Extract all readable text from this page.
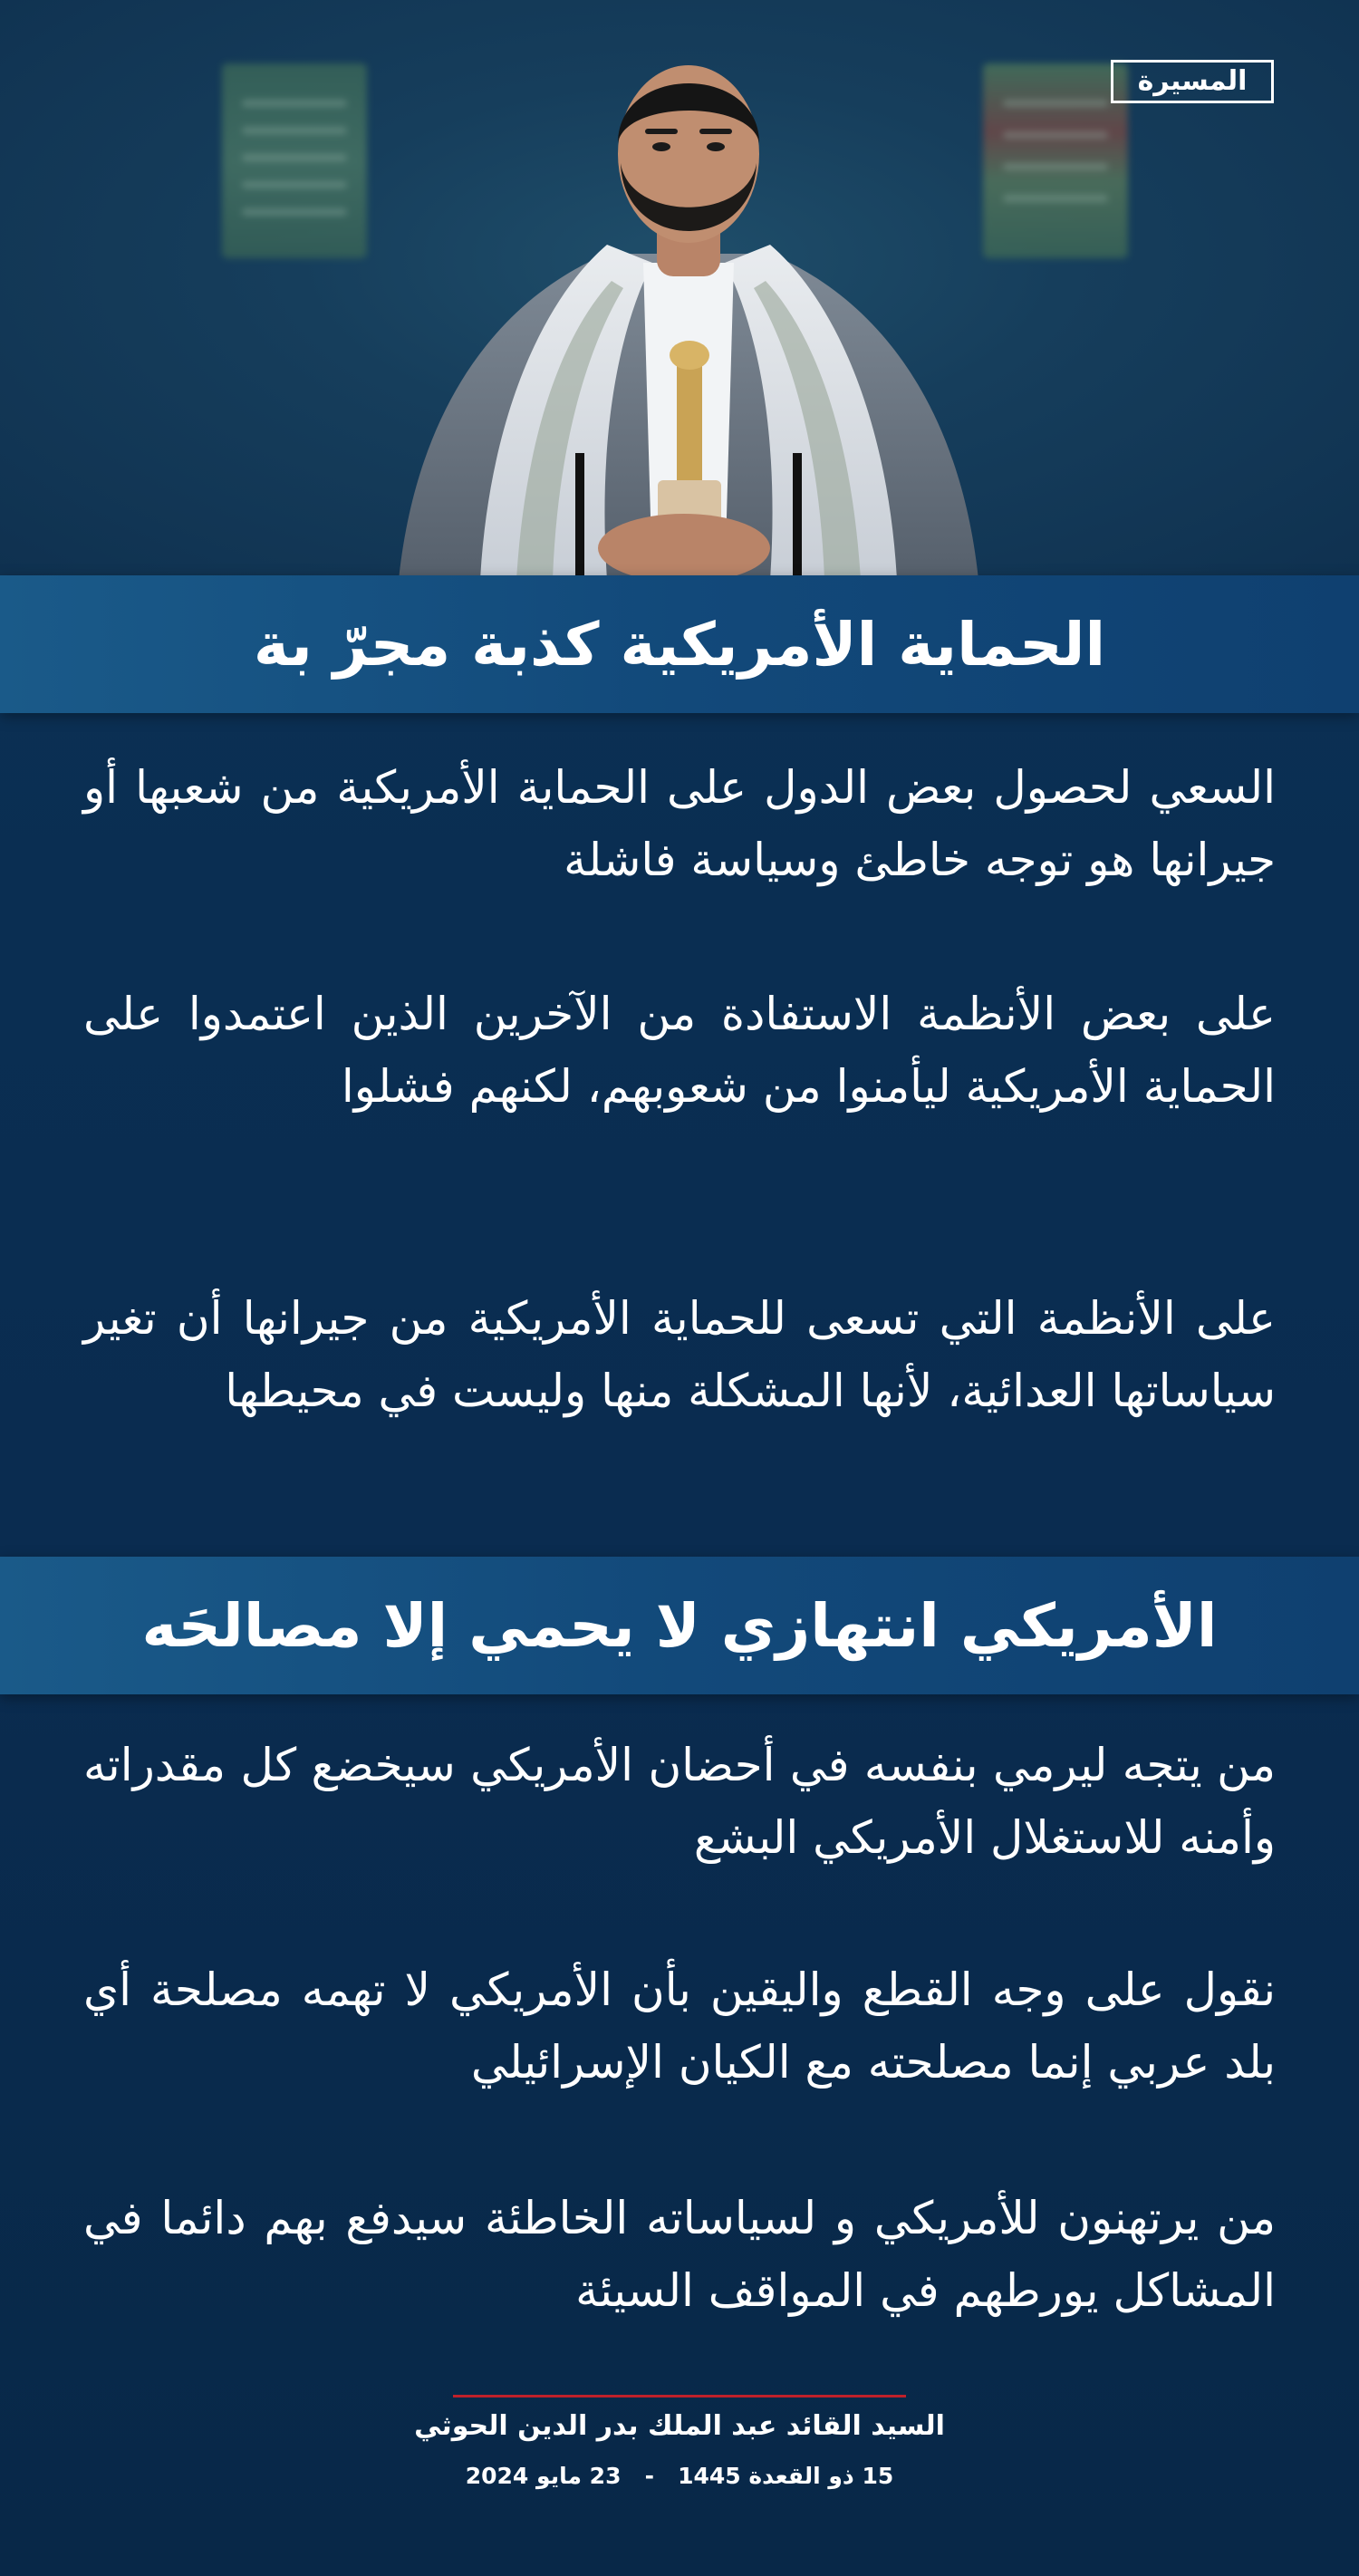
المسيرة
الحماية الأمريكية كذبة مجرّ بة

السعي لحصول بعض الدول على الحماية الأمريكية من شعبها أو جيرانها هو توجه خاطئ وسياسة فاشلة

على بعض الأنظمة الاستفادة من الآخرين الذين اعتمدوا على الحماية الأمريكية ليأمنوا من شعوبهم، لكنهم فشلوا

على الأنظمة التي تسعى للحماية الأمريكية من جيرانها أن تغير سياساتها العدائية، لأنها المشكلة منها وليست في محيطها

الأمريكي انتهازي لا يحمي إلا مصالحَه

من يتجه ليرمي بنفسه في أحضان الأمريكي سيخضع كل مقدراته وأمنه للاستغلال الأمريكي البشع

نقول على وجه القطع واليقين بأن الأمريكي لا تهمه مصلحة أي بلد عربي إنما مصلحته مع الكيان الإسرائيلي

من يرتهنون للأمريكي و لسياساته الخاطئة سيدفع بهم دائما في المشاكل يورطهم في المواقف السيئة

السيد القائد عبد الملك بدر الدين الحوثي

15 ذو القعدة 1445   -   23 مايو 2024
